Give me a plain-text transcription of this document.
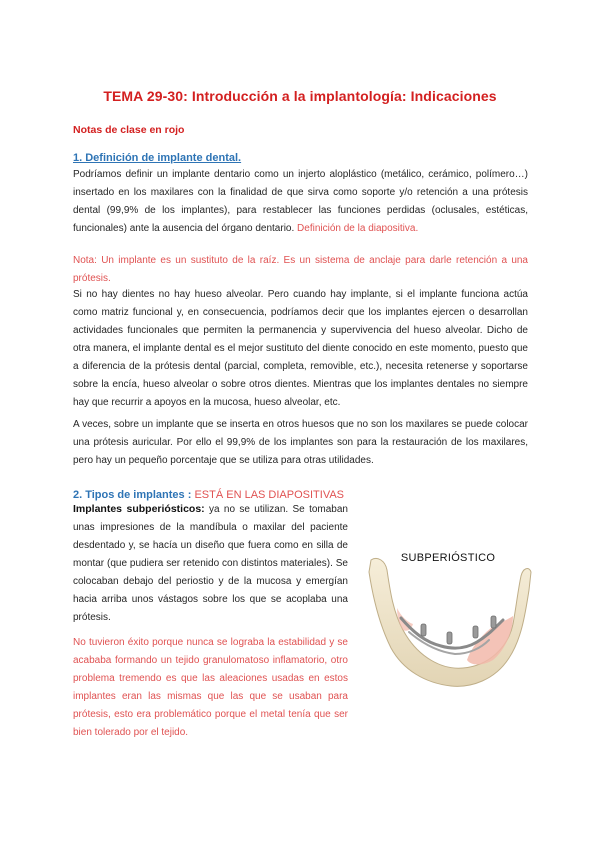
TEMA 29-30: Introducción a la implantología: Indicaciones
Notas de clase en rojo
1. Definición de implante dental.

Podríamos definir un implante dentario como un injerto aloplástico (metálico, cerámico, polímero…) insertado en los maxilares con la finalidad de que sirva como soporte y/o retención a una prótesis dental (99,9% de los implantes), para restablecer las funciones perdidas (oclusales, estéticas, funcionales) ante la ausencia del órgano dentario. Definición de la diapositiva.

Nota: Un implante es un sustituto de la raíz. Es un sistema de anclaje para darle retención a una prótesis.

Si no hay dientes no hay hueso alveolar. Pero cuando hay implante, si el implante funciona actúa como matriz funcional y, en consecuencia, podríamos decir que los implantes ejercen o desarrollan actividades funcionales que permiten la permanencia y supervivencia del hueso alveolar. Dicho de otra manera, el implante dental es el mejor sustituto del diente conocido en este momento, puesto que a diferencia de la prótesis dental (parcial, completa, removible, etc.), necesita retenerse y soportarse sobre la encía, hueso alveolar o sobre otros dientes. Mientras que los implantes dentales no siempre hay que recurrir a apoyos en la mucosa, hueso alveolar, etc.

A veces, sobre un implante que se inserta en otros huesos que no son los maxilares se puede colocar una prótesis auricular. Por ello el 99,9% de los implantes son para la restauración de los maxilares, pero hay un pequeño porcentaje que se utiliza para otras utilidades.

2. Tipos de implantes : ESTÁ EN LAS DIAPOSITIVAS

Implantes subperiósticos: ya no se utilizan. Se tomaban unas impresiones de la mandíbula o maxilar del paciente desdentado y, se hacía un diseño que fuera como en silla de montar (que pudiera ser retenido con distintos materiales). Se colocaban debajo del periostio y de la mucosa y emergían hacia arriba unos vástagos sobre los que se acoplaba una prótesis.

No tuvieron éxito porque nunca se lograba la estabilidad y se acababa formando un tejido granulomatoso inflamatorio, otro problema tremendo es que las aleaciones usadas en estos implantes eran las mismas que las que se usaban para prótesis, esto era problemático porque el metal tenía que ser bien tolerado por el tejido.

SUBPERIÓSTICO
